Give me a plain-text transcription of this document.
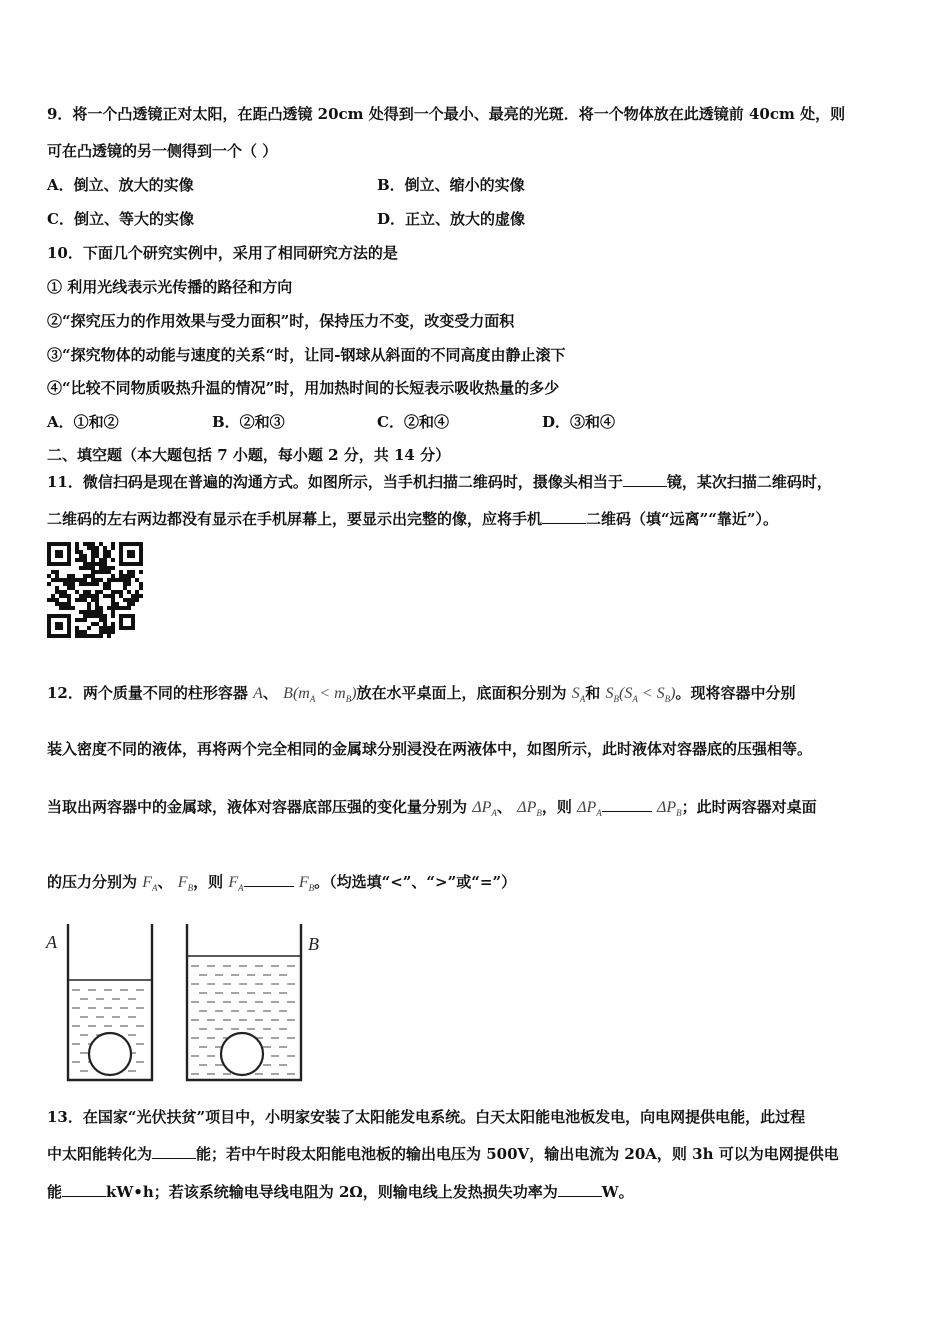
9．将一个凸透镜正对太阳，在距凸透镜 20cm 处得到一个最小、最亮的光斑．将一个物体放在此透镜前 40cm 处，则
可在凸透镜的另一侧得到一个（ ）
A．倒立、放大的实像	B．倒立、缩小的实像
C．倒立、等大的实像	D．正立、放大的虚像
10．下面几个研究实例中，采用了相同研究方法的是
① 利用光线表示光传播的路径和方向
②“探究压力的作用效果与受力面积”时，保持压力不变，改变受力面积
③“探究物体的动能与速度的关系“时，让同-钢球从斜面的不同高度由静止滚下
④“比较不同物质吸热升温的情况”时，用加热时间的长短表示吸收热量的多少
A．①和②	B．②和③	C．②和④	D．③和④
二、填空题（本大题包括 7 小题，每小题 2 分，共 14 分）
11．微信扫码是现在普遍的沟通方式。如图所示，当手机扫描二维码时，摄像头相当于	镜，某次扫描二维码时，
二维码的左右两边都没有显示在手机屏幕上，要显示出完整的像，应将手机	二维码（填“远离”“靠近”）。
12．两个质量不同的柱形容器 A、 $B(m_A < m_B)$放在水平桌面上，底面积分别为 $S_A$和 $S_B(S_A < S_B)$。现将容器中分别
装入密度不同的液体，再将两个完全相同的金属球分别浸没在两液体中，如图所示，此时液体对容器底的压强相等。
当取出两容器中的金属球，液体对容器底部压强的变化量分别为 $\Delta P_A$、 $\Delta P_B$，则 $\Delta P_A$	$\Delta P_B$；此时两容器对桌面
的压力分别为 $F_A$、 $F_B$，则 $F_A$	$F_B$。（均选填“<”、“>”或“=”）
A	B
13．在国家“光伏扶贫”项目中，小明家安装了太阳能发电系统。白天太阳能电池板发电，向电网提供电能，此过程
中太阳能转化为	能；若中午时段太阳能电池板的输出电压为 500V，输出电流为 20A，则 3h 可以为电网提供电
能	kW•h；若该系统输电导线电阻为 2Ω，则输电线上发热损失功率为	W。
